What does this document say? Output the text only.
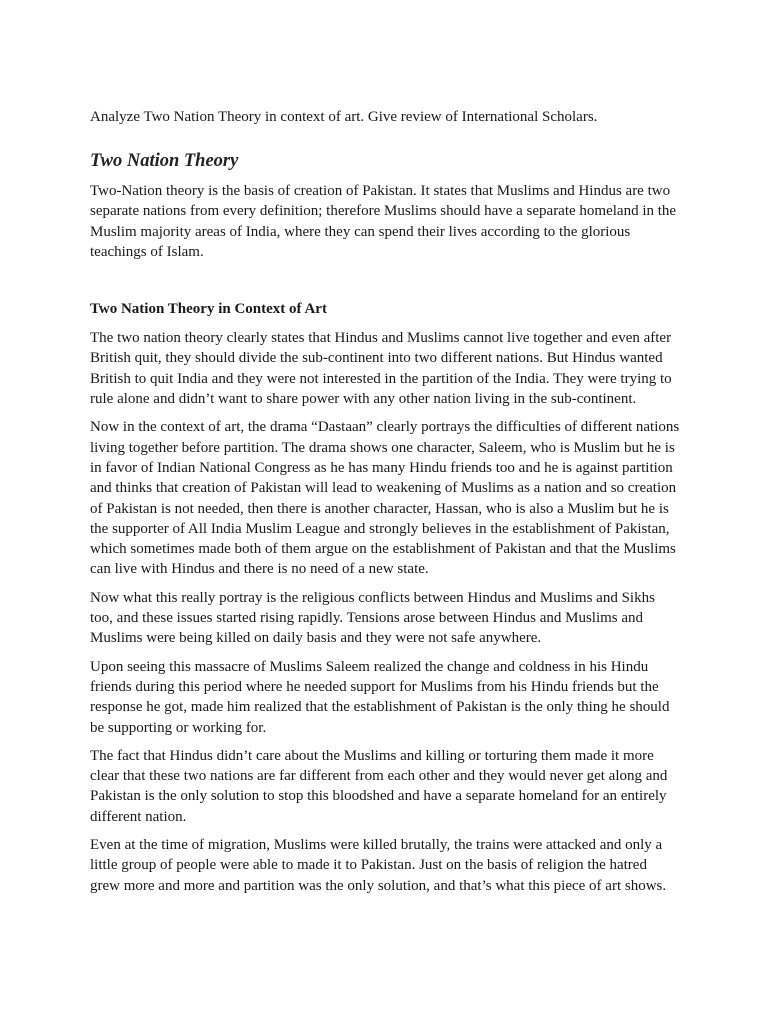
Analyze Two Nation Theory in context of art. Give review of International Scholars.

Two Nation Theory

Two-Nation theory is the basis of creation of Pakistan. It states that Muslims and Hindus are two separate nations from every definition; therefore Muslims should have a separate homeland in the Muslim majority areas of India, where they can spend their lives according to the glorious teachings of Islam.

Two Nation Theory in Context of Art

The two nation theory clearly states that Hindus and Muslims cannot live together and even after British quit, they should divide the sub-continent into two different nations. But Hindus wanted British to quit India and they were not interested in the partition of the India. They were trying to rule alone and didn’t want to share power with any other nation living in the sub-continent.

Now in the context of art, the drama “Dastaan” clearly portrays the difficulties of different nations living together before partition. The drama shows one character, Saleem, who is Muslim but he is in favor of Indian National Congress as he has many Hindu friends too and he is against partition and thinks that creation of Pakistan will lead to weakening of Muslims as a nation and so creation of Pakistan is not needed, then there is another character, Hassan, who is also a Muslim but he is the supporter of All India Muslim League and strongly believes in the establishment of Pakistan, which sometimes made both of them argue on the establishment of Pakistan and that the Muslims can live with Hindus and there is no need of a new state.

Now what this really portray is the religious conflicts between Hindus and Muslims and Sikhs too, and these issues started rising rapidly. Tensions arose between Hindus and Muslims and Muslims were being killed on daily basis and they were not safe anywhere.

Upon seeing this massacre of Muslims Saleem realized the change and coldness in his Hindu friends during this period where he needed support for Muslims from his Hindu friends but the response he got, made him realized that the establishment of Pakistan is the only thing he should be supporting or working for.

The fact that Hindus didn’t care about the Muslims and killing or torturing them made it more clear that these two nations are far different from each other and they would never get along and Pakistan is the only solution to stop this bloodshed and have a separate homeland for an entirely different nation.

Even at the time of migration, Muslims were killed brutally, the trains were attacked and only a little group of people were able to made it to Pakistan. Just on the basis of religion the hatred grew more and more and partition was the only solution, and that’s what this piece of art shows.
